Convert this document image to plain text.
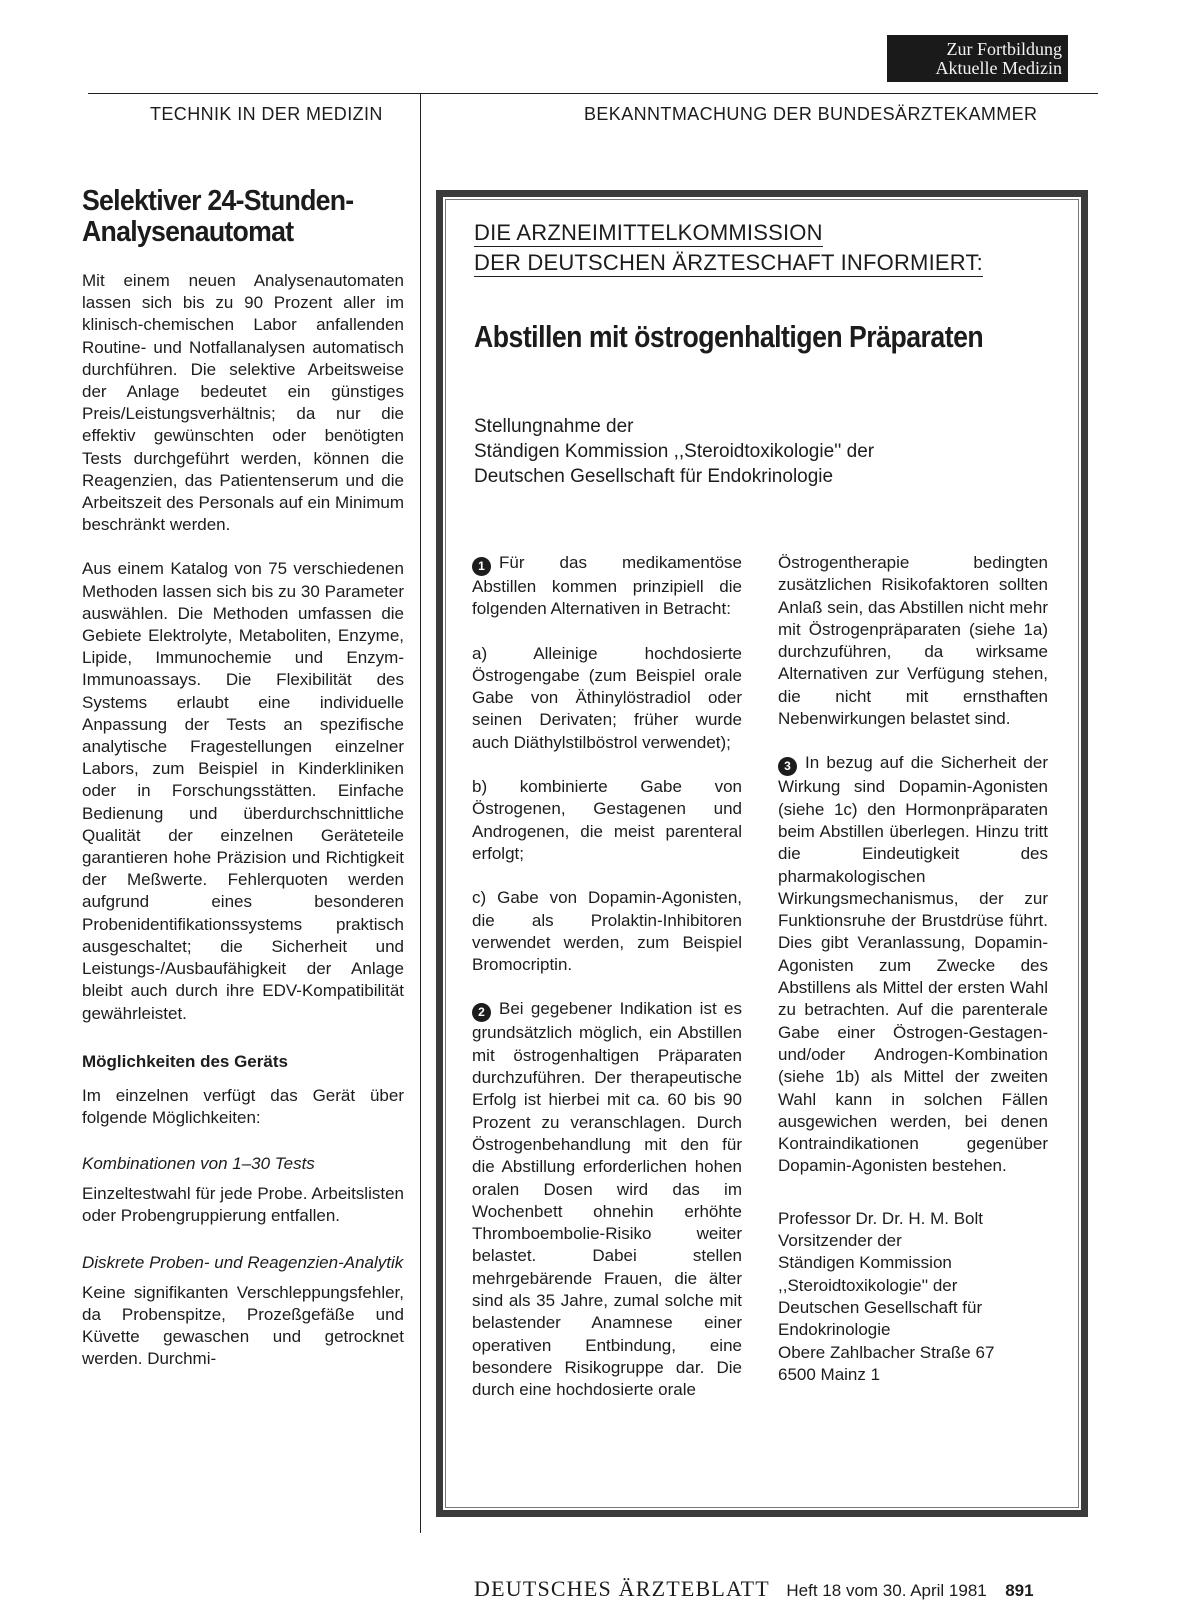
Zur Fortbildung
Aktuelle Medizin
TECHNIK IN DER MEDIZIN	BEKANNTMACHUNG DER BUNDESÄRZTEKAMMER
Selektiver 24-Stunden-
Analysenautomat

Mit einem neuen Analysenautomaten lassen sich bis zu 90 Prozent aller im klinisch-chemischen Labor anfallenden Routine- und Notfallanalysen automatisch durchführen. Die selektive Arbeitsweise der Anlage bedeutet ein günstiges Preis/Leistungsverhältnis; da nur die effektiv gewünschten oder benötigten Tests durchgeführt werden, können die Reagenzien, das Patientenserum und die Arbeitszeit des Personals auf ein Minimum beschränkt werden.

Aus einem Katalog von 75 verschiedenen Methoden lassen sich bis zu 30 Parameter auswählen. Die Methoden umfassen die Gebiete Elektrolyte, Metaboliten, Enzyme, Lipide, Immunochemie und Enzym-Immunoassays. Die Flexibilität des Systems erlaubt eine individuelle Anpassung der Tests an spezifische analytische Fragestellungen einzelner Labors, zum Beispiel in Kinderkliniken oder in Forschungsstätten. Einfache Bedienung und überdurchschnittliche Qualität der einzelnen Geräteteile garantieren hohe Präzision und Richtigkeit der Meßwerte. Fehlerquoten werden aufgrund eines besonderen Probenidentifikationssystems praktisch ausgeschaltet; die Sicherheit und Leistungs-/Ausbaufähigkeit der Anlage bleibt auch durch ihre EDV-Kompatibilität gewährleistet.

Möglichkeiten des Geräts

Im einzelnen verfügt das Gerät über folgende Möglichkeiten:

Kombinationen von 1–30 Tests

Einzeltestwahl für jede Probe. Arbeitslisten oder Probengruppierung entfallen.

Diskrete Proben- und Reagenzien-Analytik

Keine signifikanten Verschleppungsfehler, da Probenspitze, Prozeßgefäße und Küvette gewaschen und getrocknet werden. Durchmi-

DIE ARZNEIMITTELKOMMISSION
DER DEUTSCHEN ÄRZTESCHAFT INFORMIERT:
Abstillen mit östrogenhaltigen Präparaten
Stellungnahme der
Ständigen Kommission ,,Steroidtoxikologie'' der
Deutschen Gesellschaft für Endokrinologie

1 Für das medikamentöse Abstillen kommen prinzipiell die folgenden Alternativen in Betracht:

a) Alleinige hochdosierte Östrogengabe (zum Beispiel orale Gabe von Äthinylöstradiol oder seinen Derivaten; früher wurde auch Diäthylstilböstrol verwendet);

b) kombinierte Gabe von Östrogenen, Gestagenen und Androgenen, die meist parenteral erfolgt;

c) Gabe von Dopamin-Agonisten, die als Prolaktin-Inhibitoren verwendet werden, zum Beispiel Bromocriptin.

2 Bei gegebener Indikation ist es grundsätzlich möglich, ein Abstillen mit östrogenhaltigen Präparaten durchzuführen. Der therapeutische Erfolg ist hierbei mit ca. 60 bis 90 Prozent zu veranschlagen. Durch Östrogenbehandlung mit den für die Abstillung erforderlichen hohen oralen Dosen wird das im Wochenbett ohnehin erhöhte Thromboembolie-Risiko weiter belastet. Dabei stellen mehrgebärende Frauen, die älter sind als 35 Jahre, zumal solche mit belastender Anamnese einer operativen Entbindung, eine besondere Risikogruppe dar. Die durch eine hochdosierte orale

Östrogentherapie bedingten zusätzlichen Risikofaktoren sollten Anlaß sein, das Abstillen nicht mehr mit Östrogenpräparaten (siehe 1a) durchzuführen, da wirksame Alternativen zur Verfügung stehen, die nicht mit ernsthaften Nebenwirkungen belastet sind.

3 In bezug auf die Sicherheit der Wirkung sind Dopamin-Agonisten (siehe 1c) den Hormonpräparaten beim Abstillen überlegen. Hinzu tritt die Eindeutigkeit des pharmakologischen Wirkungsmechanismus, der zur Funktionsruhe der Brustdrüse führt. Dies gibt Veranlassung, Dopamin-Agonisten zum Zwecke des Abstillens als Mittel der ersten Wahl zu betrachten. Auf die parenterale Gabe einer Östrogen-Gestagen- und/oder Androgen-Kombination (siehe 1b) als Mittel der zweiten Wahl kann in solchen Fällen ausgewichen werden, bei denen Kontraindikationen gegenüber Dopamin-Agonisten bestehen.

Professor Dr. Dr. H. M. Bolt
Vorsitzender der
Ständigen Kommission
,,Steroidtoxikologie'' der
Deutschen Gesellschaft für
Endokrinologie
Obere Zahlbacher Straße 67
6500 Mainz 1
DEUTSCHES ÄRZTEBLATT Heft 18 vom 30. April 1981 891
